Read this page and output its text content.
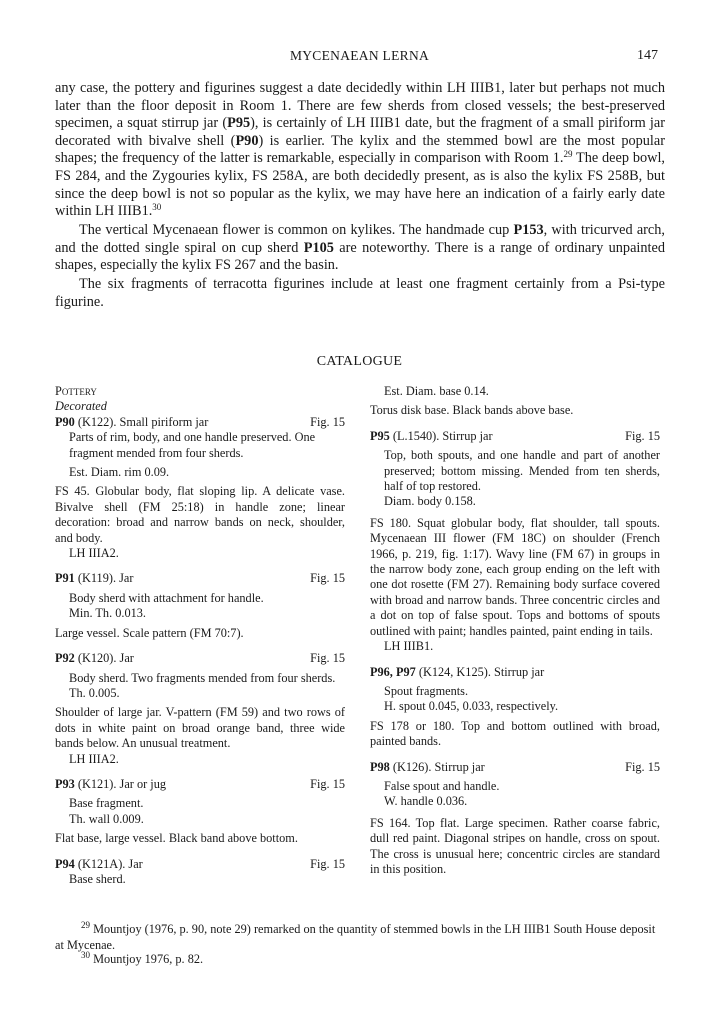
MYCENAEAN LERNA	147

any case, the pottery and figurines suggest a date decidedly within LH IIIB1, later but perhaps not much later than the floor deposit in Room 1. There are few sherds from closed vessels; the best-preserved specimen, a squat stirrup jar (P95), is certainly of LH IIIB1 date, but the fragment of a small piriform jar decorated with bivalve shell (P90) is earlier. The kylix and the stemmed bowl are the most popular shapes; the frequency of the latter is remarkable, especially in comparison with Room 1.29 The deep bowl, FS 284, and the Zygouries kylix, FS 258A, are both decidedly present, as is also the kylix FS 258B, but since the deep bowl is not so popular as the kylix, we may have here an indication of a fairly early date within LH IIIB1.30

The vertical Mycenaean flower is common on kylikes. The handmade cup P153, with tricurved arch, and the dotted single spiral on cup sherd P105 are noteworthy. There is a range of ordinary unpainted shapes, especially the kylix FS 267 and the basin.

The six fragments of terracotta figurines include at least one fragment certainly from a Psi-type figurine.

CATALOGUE

Pottery

Decorated

P90 (K122). Small piriform jar	Fig. 15

Parts of rim, body, and one handle preserved. One fragment mended from four sherds.

Est. Diam. rim 0.09.

FS 45. Globular body, flat sloping lip. A delicate vase. Bivalve shell (FM 25:18) in handle zone; linear decoration: broad and narrow bands on neck, shoulder, and body.

LH IIIA2.

P91 (K119). Jar	Fig. 15

Body sherd with attachment for handle.

Min. Th. 0.013.

Large vessel. Scale pattern (FM 70:7).

P92 (K120). Jar	Fig. 15

Body sherd. Two fragments mended from four sherds.

Th. 0.005.

Shoulder of large jar. V-pattern (FM 59) and two rows of dots in white paint on broad orange band, three wide bands below. An unusual treatment.

LH IIIA2.

P93 (K121). Jar or jug	Fig. 15

Base fragment.

Th. wall 0.009.

Flat base, large vessel. Black band above bottom.

P94 (K121A). Jar	Fig. 15

Base sherd.

Est. Diam. base 0.14.

Torus disk base. Black bands above base.

P95 (L.1540). Stirrup jar	Fig. 15

Top, both spouts, and one handle and part of another preserved; bottom missing. Mended from ten sherds, half of top restored.

Diam. body 0.158.

FS 180. Squat globular body, flat shoulder, tall spouts. Mycenaean III flower (FM 18C) on shoulder (French 1966, p. 219, fig. 1:17). Wavy line (FM 67) in groups in the narrow body zone, each group ending on the left with one dot rosette (FM 27). Remaining body surface covered with broad and narrow bands. Three concentric circles and a dot on top of false spout. Tops and bottoms of spouts outlined with paint; handles painted, paint ending in tails.

LH IIIB1.

P96, P97 (K124, K125). Stirrup jar

Spout fragments.

H. spout 0.045, 0.033, respectively.

FS 178 or 180. Top and bottom outlined with broad, painted bands.

P98 (K126). Stirrup jar	Fig. 15

False spout and handle.

W. handle 0.036.

FS 164. Top flat. Large specimen. Rather coarse fabric, dull red paint. Diagonal stripes on handle, cross on spout. The cross is unusual here; concentric circles are standard in this position.

$^{29}$ Mountjoy (1976, p. 90, note 29) remarked on the quantity of stemmed bowls in the LH IIIB1 South House deposit at Mycenae.

$^{30}$ Mountjoy 1976, p. 82.
